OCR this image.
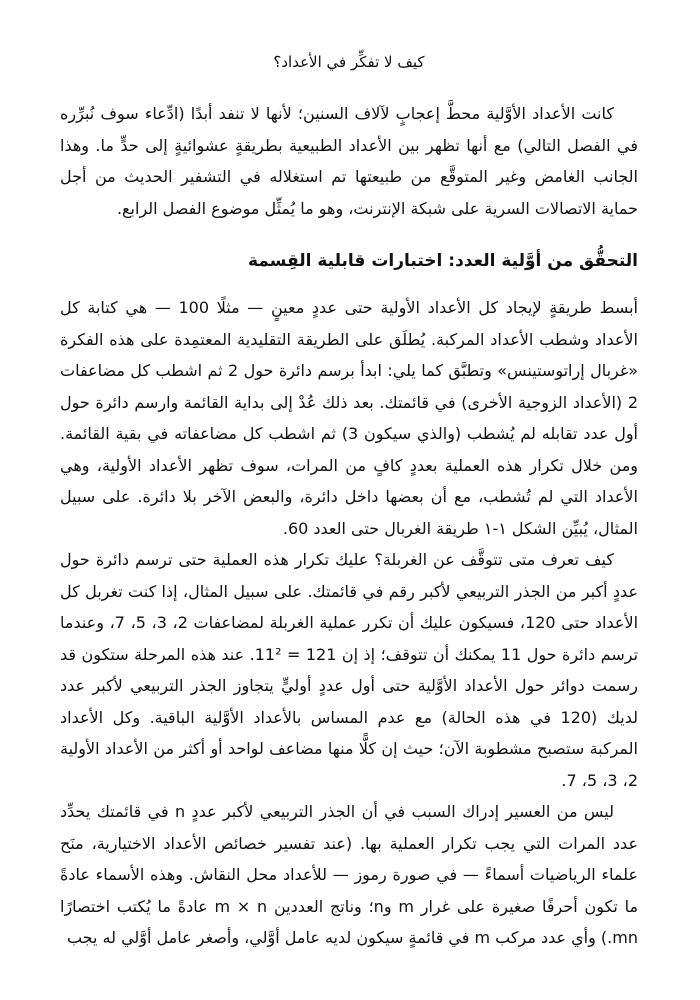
كيف لا تفكِّر في الأعداد؟

كانت الأعداد الأوَّلية محطَّ إعجابٍ لآلاف السنين؛ لأنها لا تنفد أبدًا (ادِّعاء سوف نُبرِّره في الفصل التالي) مع أنها تظهر بين الأعداد الطبيعية بطريقةٍ عشوائيةٍ إلى حدٍّ ما. وهذا الجانب الغامض وغير المتوقَّع من طبيعتها تم استغلاله في التشفير الحديث من أجل حماية الاتصالات السرية على شبكة الإنترنت، وهو ما يُمثِّل موضوع الفصل الرابع.

التحقُّق من أوَّلية العدد: اختبارات قابلية القِسمة

أبسط طريقةٍ لإيجاد كل الأعداد الأولية حتى عددٍ معينٍ — مثلًا 100 — هي كتابة كل الأعداد وشطب الأعداد المركبة. يُطلَق على الطريقة التقليدية المعتمِدة على هذه الفكرة «غربال إراتوستينس» وتطبَّق كما يلي: ابدأ برسم دائرة حول 2 ثم اشطب كل مضاعفات 2 (الأعداد الزوجية الأخرى) في قائمتك. بعد ذلك عُدْ إلى بداية القائمة وارسم دائرة حول أول عدد تقابله لم يُشطب (والذي سيكون 3) ثم اشطب كل مضاعفاته في بقية القائمة. ومن خلال تكرار هذه العملية بعددٍ كافٍ من المرات، سوف تظهر الأعداد الأولية، وهي الأعداد التي لم تُشطب، مع أن بعضها داخل دائرة، والبعض الآخر بلا دائرة. على سبيل المثال، يُبيِّن الشكل ١-١ طريقة الغربال حتى العدد 60.

كيف تعرف متى تتوقَّف عن الغربلة؟ عليك تكرار هذه العملية حتى ترسم دائرة حول عددٍ أكبر من الجذر التربيعي لأكبر رقم في قائمتك. على سبيل المثال، إذا كنت تغربل كل الأعداد حتى 120، فسيكون عليك أن تكرر عملية الغربلة لمضاعفات 2، 3، 5، 7، وعندما ترسم دائرة حول 11 يمكنك أن تتوقف؛ إذ إن 121 = 11². عند هذه المرحلة ستكون قد رسمت دوائر حول الأعداد الأوَّلية حتى أول عددٍ أوليٍّ يتجاوز الجذر التربيعي لأكبر عدد لديك (120 في هذه الحالة) مع عدم المساس بالأعداد الأوَّلية الباقية. وكل الأعداد المركبة ستصبح مشطوبة الآن؛ حيث إن كلًّا منها مضاعف لواحد أو أكثر من الأعداد الأولية 2، 3، 5، 7.

ليس من العسير إدراك السبب في أن الجذر التربيعي لأكبر عددٍ n في قائمتك يحدِّد عدد المرات التي يجب تكرار العملية بها. (عند تفسير خصائص الأعداد الاختيارية، منَح علماء الرياضيات أسماءً — في صورة رموز — للأعداد محل النقاش. وهذه الأسماء عادةً ما تكون أحرفًا صغيرة على غرار m وn؛ وناتج العددين m × n عادةً ما يُكتب اختصارًا mn.) وأي عدد مركب m في قائمةٍ سيكون لديه عامل أوَّلي، وأصغر عامل أوَّلي له يجب
